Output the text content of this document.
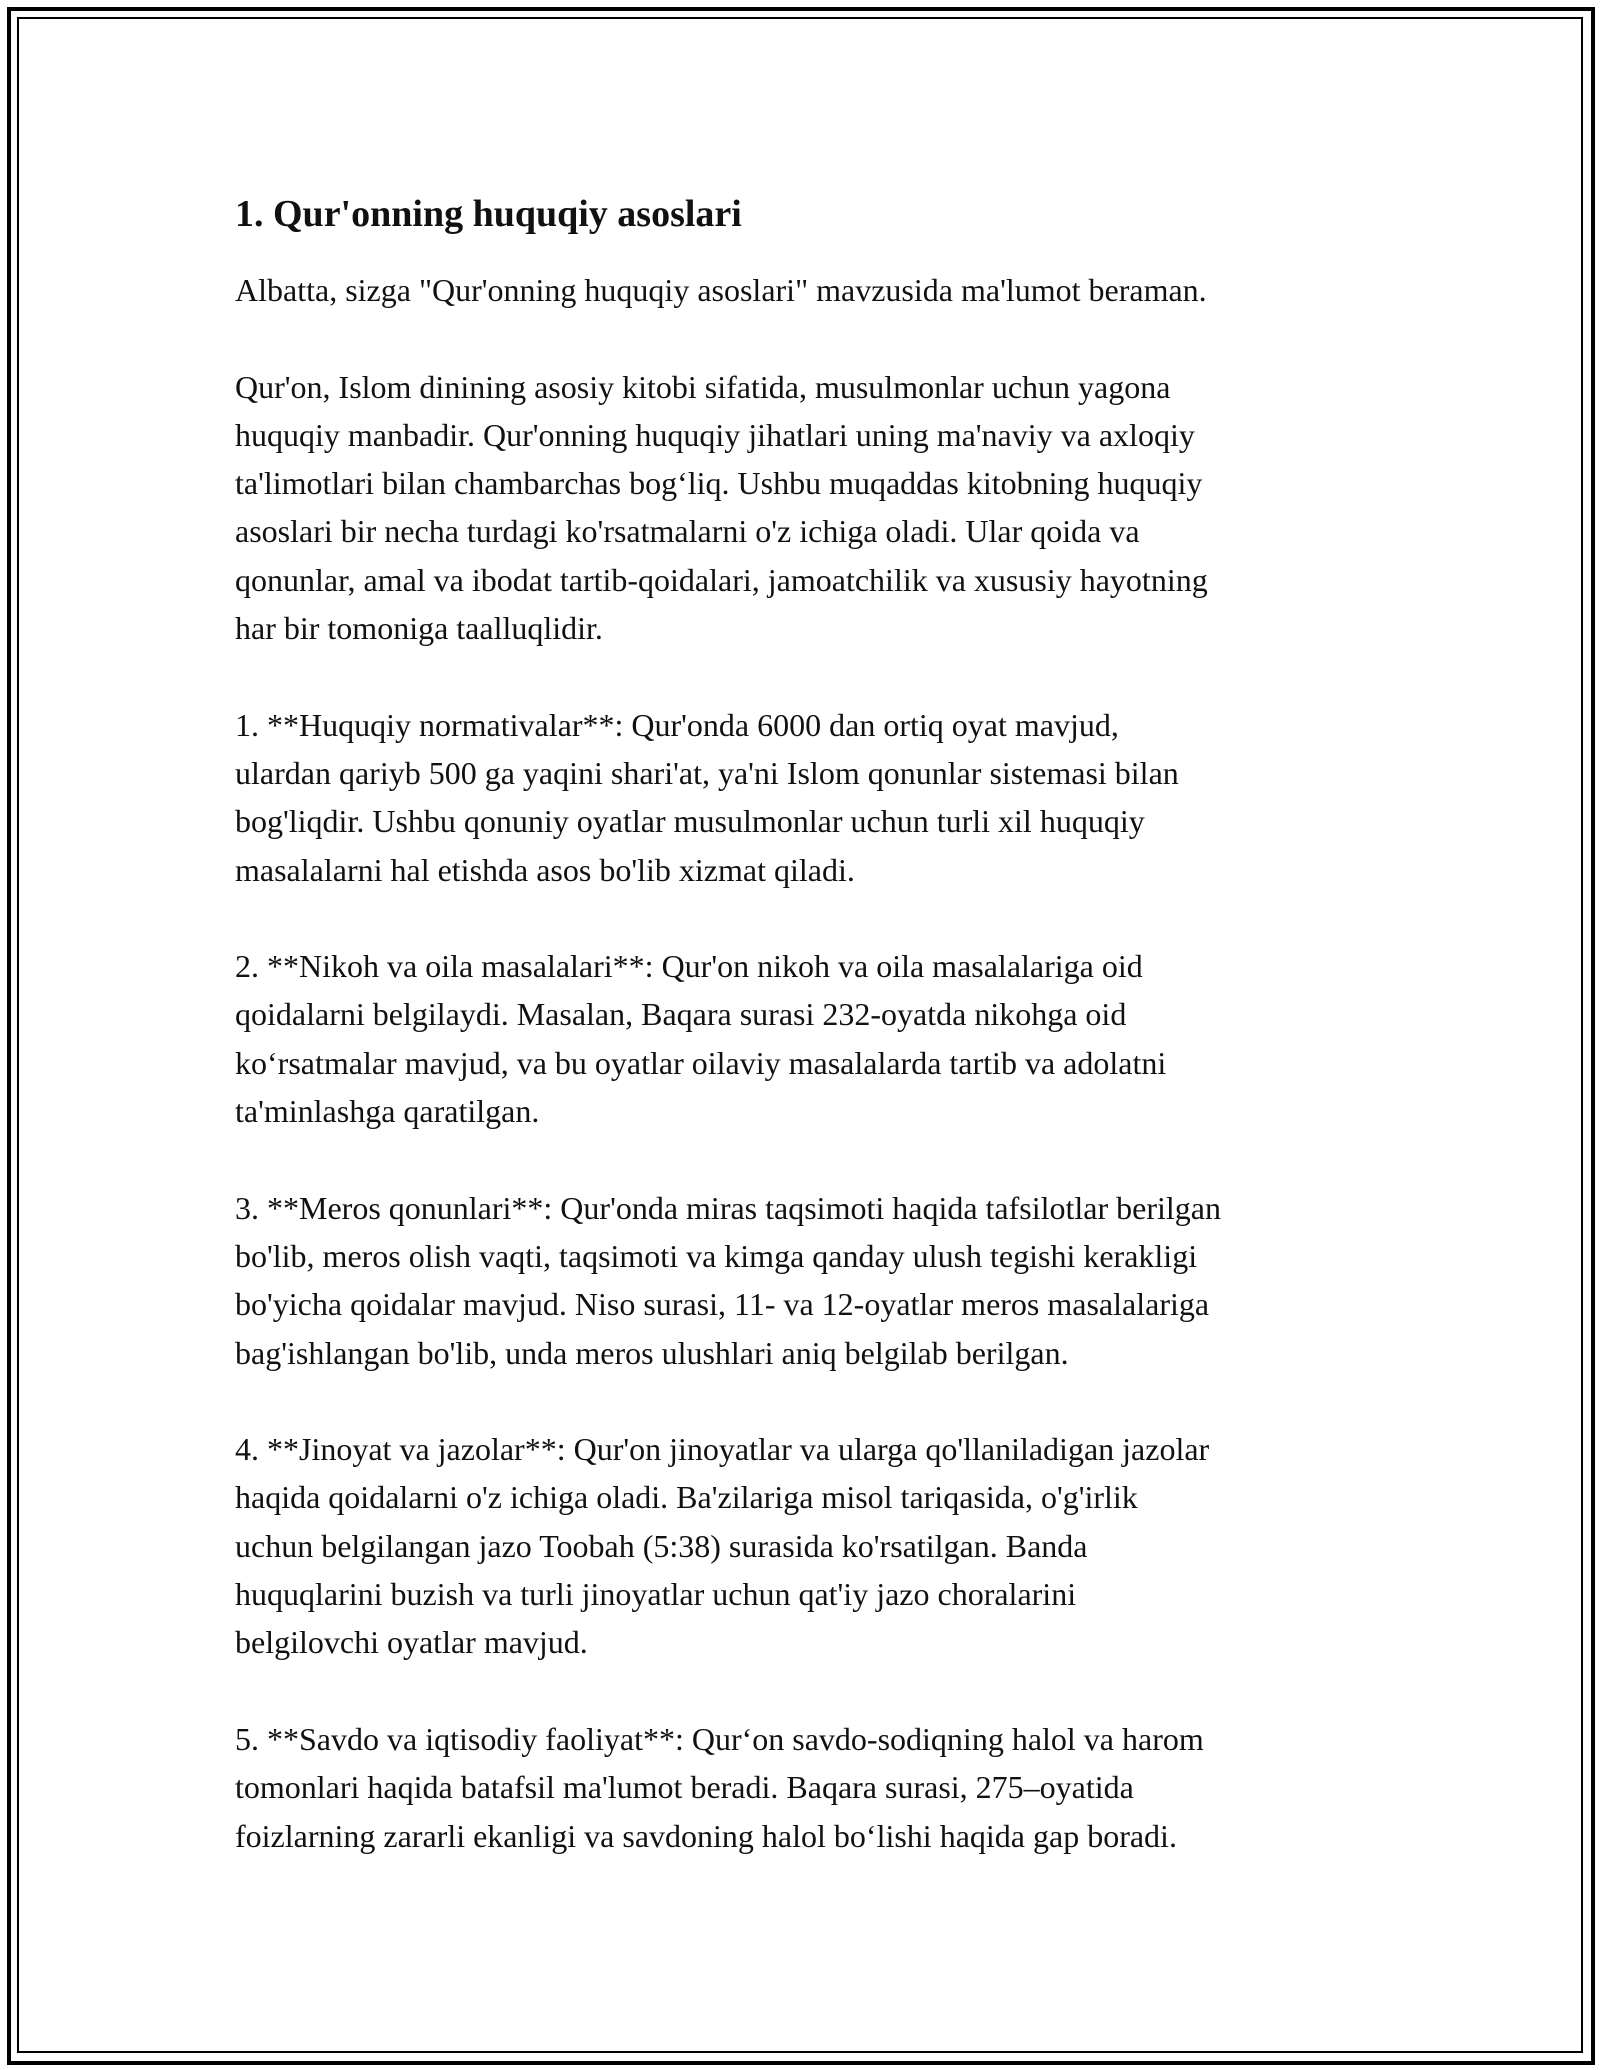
1. Qur'onning huquqiy asoslari

Albatta, sizga "Qur'onning huquqiy asoslari" mavzusida ma'lumot beraman.

Qur'on, Islom dinining asosiy kitobi sifatida, musulmonlar uchun yagona
huquqiy manbadir. Qur'onning huquqiy jihatlari uning ma'naviy va axloqiy
ta'limotlari bilan chambarchas bog‘liq. Ushbu muqaddas kitobning huquqiy
asoslari bir necha turdagi ko'rsatmalarni o'z ichiga oladi. Ular qoida va
qonunlar, amal va ibodat tartib-qoidalari, jamoatchilik va xususiy hayotning
har bir tomoniga taalluqlidir.

1. **Huquqiy normativalar**: Qur'onda 6000 dan ortiq oyat mavjud,
ulardan qariyb 500 ga yaqini shari'at, ya'ni Islom qonunlar sistemasi bilan
bog'liqdir. Ushbu qonuniy oyatlar musulmonlar uchun turli xil huquqiy
masalalarni hal etishda asos bo'lib xizmat qiladi.

2. **Nikoh va oila masalalari**: Qur'on nikoh va oila masalalariga oid
qoidalarni belgilaydi. Masalan, Baqara surasi 232-oyatda nikohga oid
ko‘rsatmalar mavjud, va bu oyatlar oilaviy masalalarda tartib va adolatni
ta'minlashga qaratilgan.

3. **Meros qonunlari**: Qur'onda miras taqsimoti haqida tafsilotlar berilgan
bo'lib, meros olish vaqti, taqsimoti va kimga qanday ulush tegishi kerakligi
bo'yicha qoidalar mavjud. Niso surasi, 11- va 12-oyatlar meros masalalariga
bag'ishlangan bo'lib, unda meros ulushlari aniq belgilab berilgan.

4. **Jinoyat va jazolar**: Qur'on jinoyatlar va ularga qo'llaniladigan jazolar
haqida qoidalarni o'z ichiga oladi. Ba'zilariga misol tariqasida, o'g'irlik
uchun belgilangan jazo Toobah (5:38) surasida ko'rsatilgan. Banda
huquqlarini buzish va turli jinoyatlar uchun qat'iy jazo choralarini
belgilovchi oyatlar mavjud.

5. **Savdo va iqtisodiy faoliyat**: Qur‘on savdo-sodiqning halol va harom
tomonlari haqida batafsil ma'lumot beradi. Baqara surasi, 275–oyatida
foizlarning zararli ekanligi va savdoning halol bo‘lishi haqida gap boradi.
